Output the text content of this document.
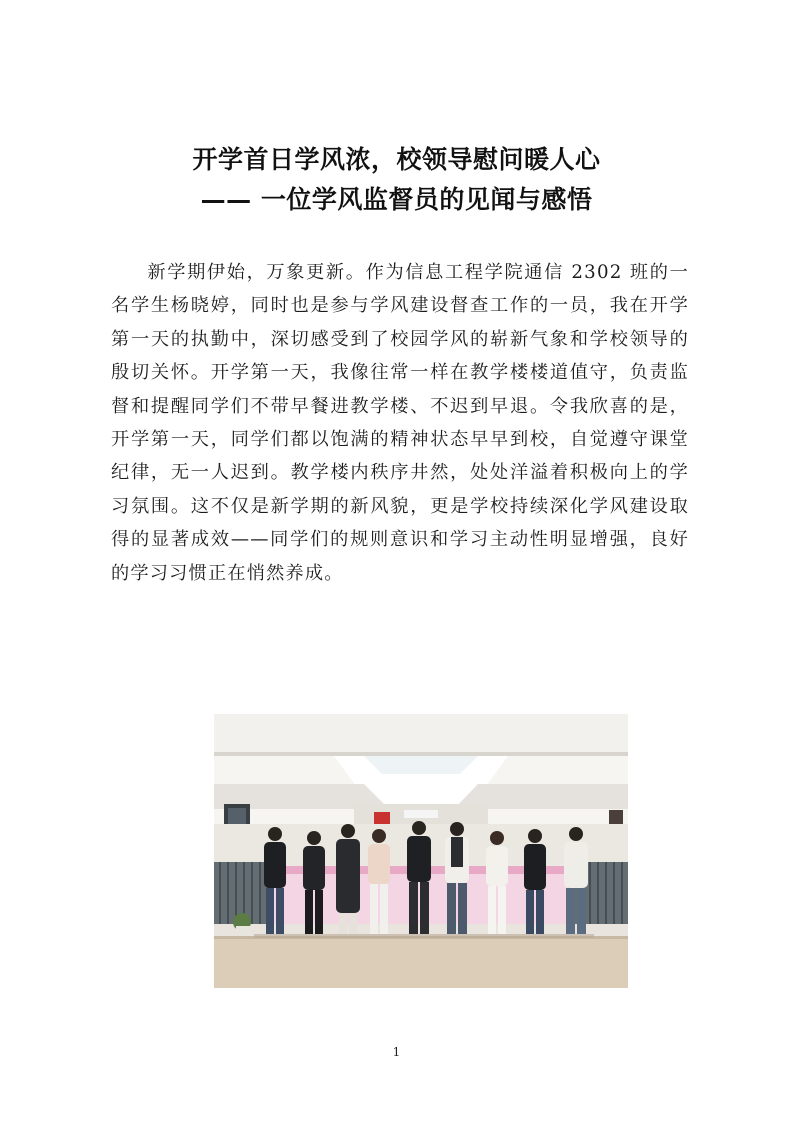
开学首日学风浓，校领导慰问暖人心
—— 一位学风监督员的见闻与感悟

新学期伊始，万象更新。作为信息工程学院通信 2302 班的一名学生杨晓婷，同时也是参与学风建设督查工作的一员，我在开学第一天的执勤中，深切感受到了校园学风的崭新气象和学校领导的殷切关怀。开学第一天，我像往常一样在教学楼楼道值守，负责监督和提醒同学们不带早餐进教学楼、不迟到早退。令我欣喜的是，开学第一天，同学们都以饱满的精神状态早早到校，自觉遵守课堂纪律，无一人迟到。教学楼内秩序井然，处处洋溢着积极向上的学习氛围。这不仅是新学期的新风貌，更是学校持续深化学风建设取得的显著成效——同学们的规则意识和学习主动性明显增强，良好的学习习惯正在悄然养成。

1
